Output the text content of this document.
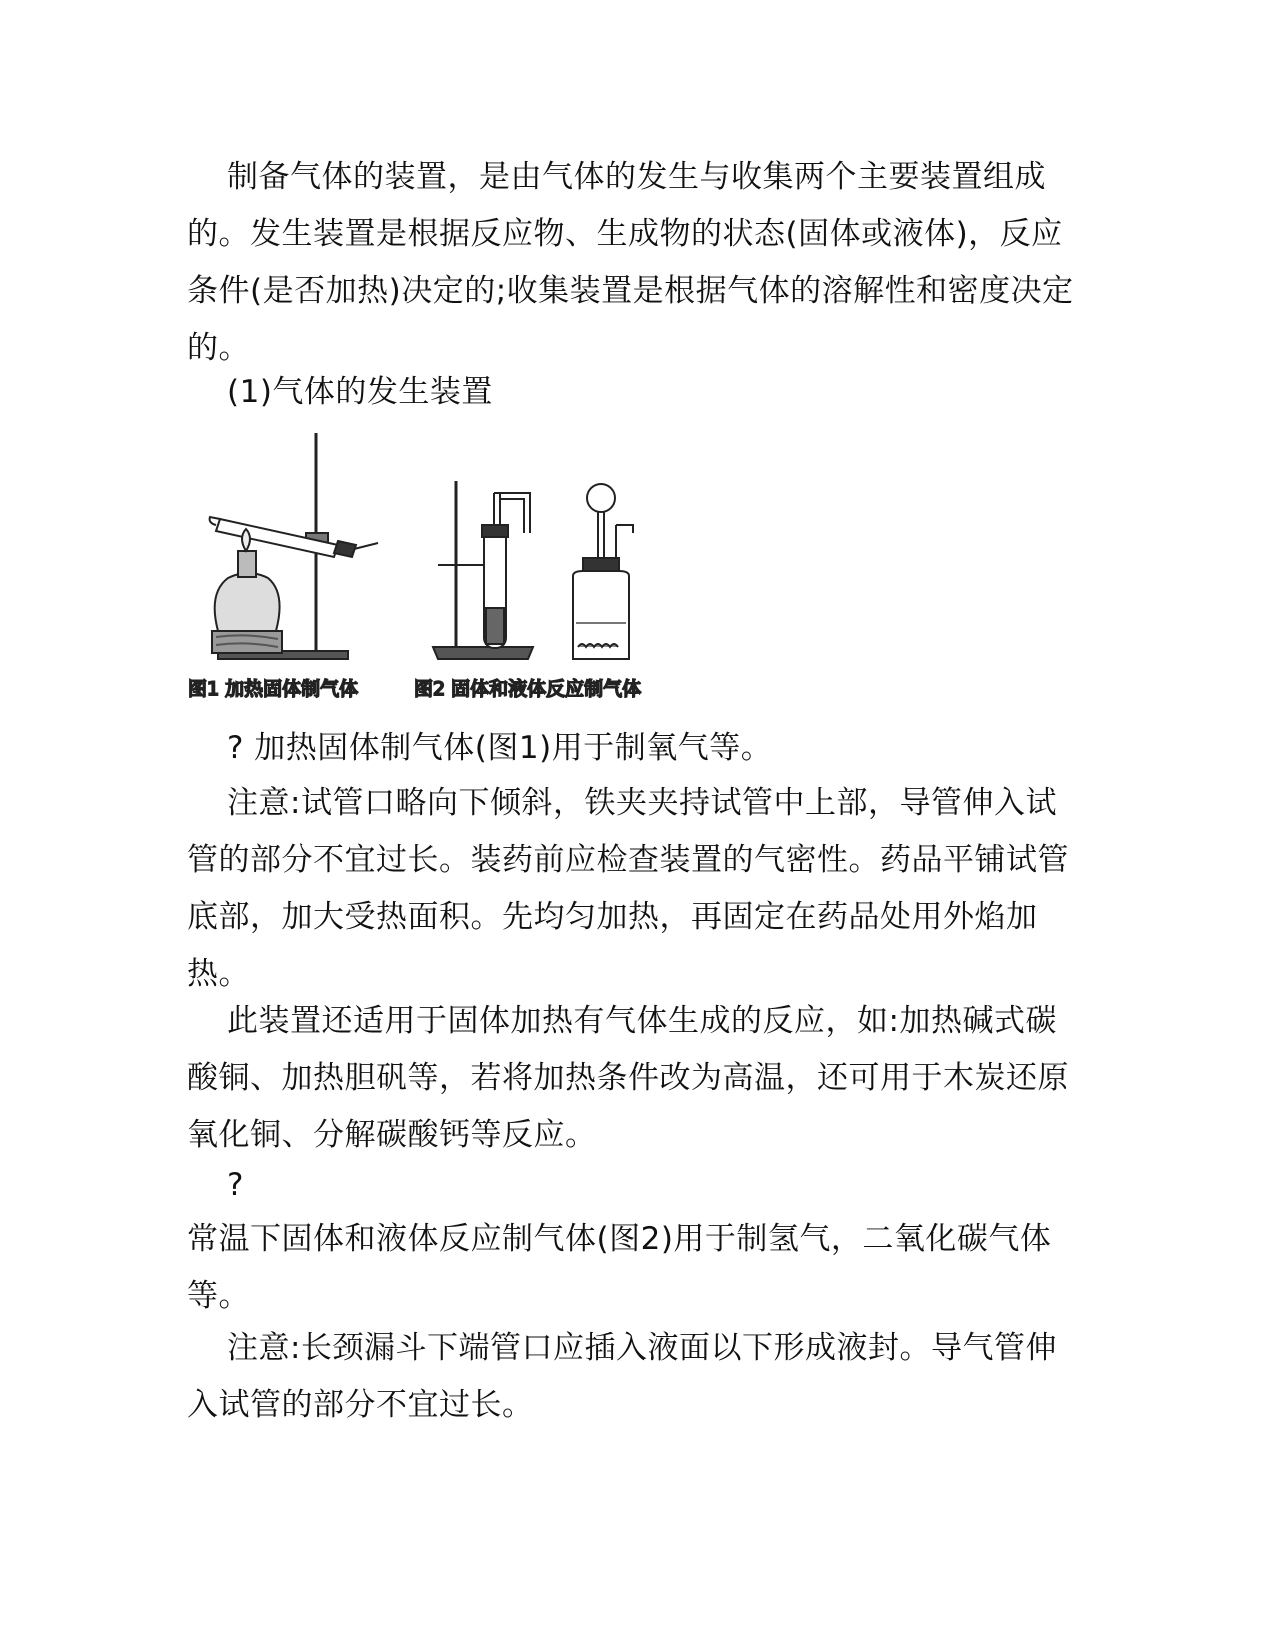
制备气体的装置，是由气体的发生与收集两个主要装置组成的。发生装置是根据反应物、生成物的状态(固体或液体)，反应条件(是否加热)决定的;收集装置是根据气体的溶解性和密度决定的。

(1)气体的发生装置

图1 加热固体制气体	图2 固体和液体反应制气体

? 加热固体制气体(图1)用于制氧气等。

注意:试管口略向下倾斜，铁夹夹持试管中上部，导管伸入试管的部分不宜过长。装药前应检查装置的气密性。药品平铺试管底部，加大受热面积。先均匀加热，再固定在药品处用外焰加热。

此装置还适用于固体加热有气体生成的反应，如:加热碱式碳酸铜、加热胆矾等，若将加热条件改为高温，还可用于木炭还原氧化铜、分解碳酸钙等反应。

?

常温下固体和液体反应制气体(图2)用于制氢气，二氧化碳气体等。

注意:长颈漏斗下端管口应插入液面以下形成液封。导气管伸入试管的部分不宜过长。
